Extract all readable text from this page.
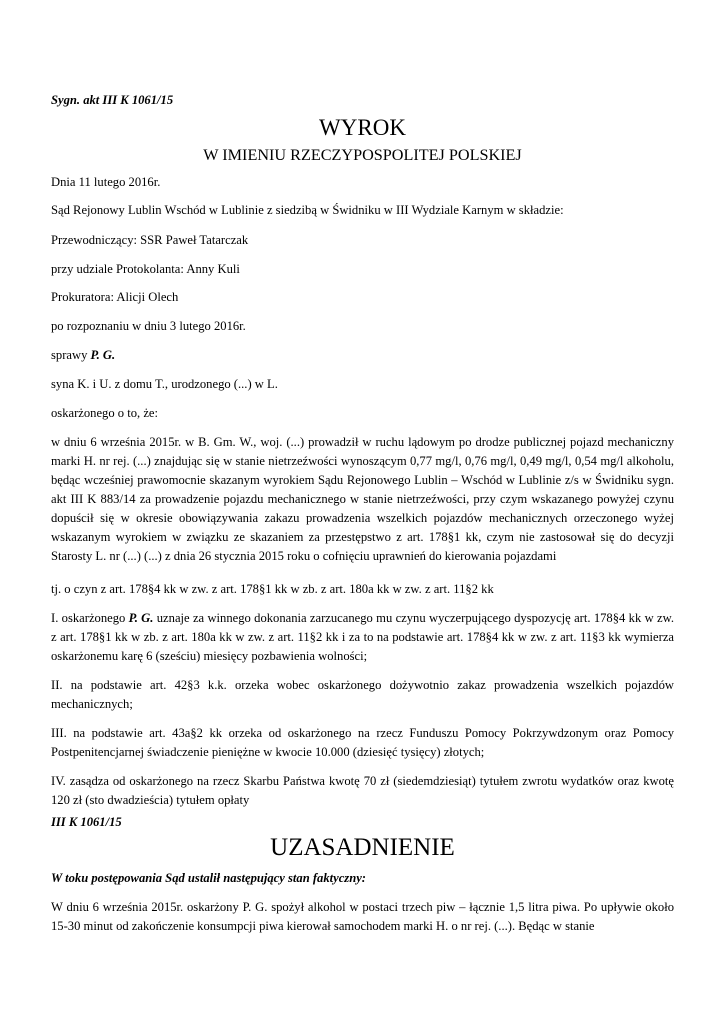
Sygn. akt III K 1061/15
WYROK
W IMIENIU RZECZYPOSPOLITEJ POLSKIEJ
Dnia 11 lutego 2016r.
Sąd Rejonowy Lublin Wschód w Lublinie z siedzibą w Świdniku w III Wydziale Karnym w składzie:
Przewodniczący: SSR Paweł Tatarczak
przy udziale Protokolanta: Anny Kuli
Prokuratora: Alicji Olech
po rozpoznaniu w dniu 3 lutego 2016r.
sprawy P. G.
syna K. i U. z domu T., urodzonego (...) w L.
oskarżonego o to, że:
w dniu 6 września 2015r. w B. Gm. W., woj. (...) prowadził w ruchu lądowym po drodze publicznej pojazd mechaniczny marki H. nr rej. (...) znajdując się w stanie nietrzeźwości wynoszącym 0,77 mg/l, 0,76 mg/l, 0,49 mg/l, 0,54 mg/l alkoholu, będąc wcześniej prawomocnie skazanym wyrokiem Sądu Rejonowego Lublin – Wschód w Lublinie z/s w Świdniku sygn. akt III K 883/14 za prowadzenie pojazdu mechanicznego w stanie nietrzeźwości, przy czym wskazanego powyżej czynu dopuścił się w okresie obowiązywania zakazu prowadzenia wszelkich pojazdów mechanicznych orzeczonego wyżej wskazanym wyrokiem w związku ze skazaniem za przestępstwo z art. 178§1 kk, czym nie zastosował się do decyzji Starosty L. nr (...) (...) z dnia 26 stycznia 2015 roku o cofnięciu uprawnień do kierowania pojazdami
tj. o czyn z art. 178§4 kk w zw. z art. 178§1 kk w zb. z art. 180a kk w zw. z art. 11§2 kk
I. oskarżonego P. G. uznaje za winnego dokonania zarzucanego mu czynu wyczerpującego dyspozycję art. 178§4 kk w zw. z art. 178§1 kk w zb. z art. 180a kk w zw. z art. 11§2 kk i za to na podstawie art. 178§4 kk w zw. z art. 11§3 kk wymierza oskarżonemu karę 6 (sześciu) miesięcy pozbawienia wolności;
II. na podstawie art. 42§3 k.k. orzeka wobec oskarżonego dożywotnio zakaz prowadzenia wszelkich pojazdów mechanicznych;
III. na podstawie art. 43a§2 kk orzeka od oskarżonego na rzecz Funduszu Pomocy Pokrzywdzonym oraz Pomocy Postpenitencjarnej świadczenie pieniężne w kwocie 10.000 (dziesięć tysięcy) złotych;
IV. zasądza od oskarżonego na rzecz Skarbu Państwa kwotę 70 zł (siedemdziesiąt) tytułem zwrotu wydatków oraz kwotę 120 zł (sto dwadzieścia) tytułem opłaty
III K 1061/15
UZASADNIENIE
W toku postępowania Sąd ustalił następujący stan faktyczny:
W dniu 6 września 2015r. oskarżony P. G. spożył alkohol w postaci trzech piw – łącznie 1,5 litra piwa. Po upływie około 15-30 minut od zakończenie konsumpcji piwa kierował samochodem marki H. o nr rej. (...). Będąc w stanie
